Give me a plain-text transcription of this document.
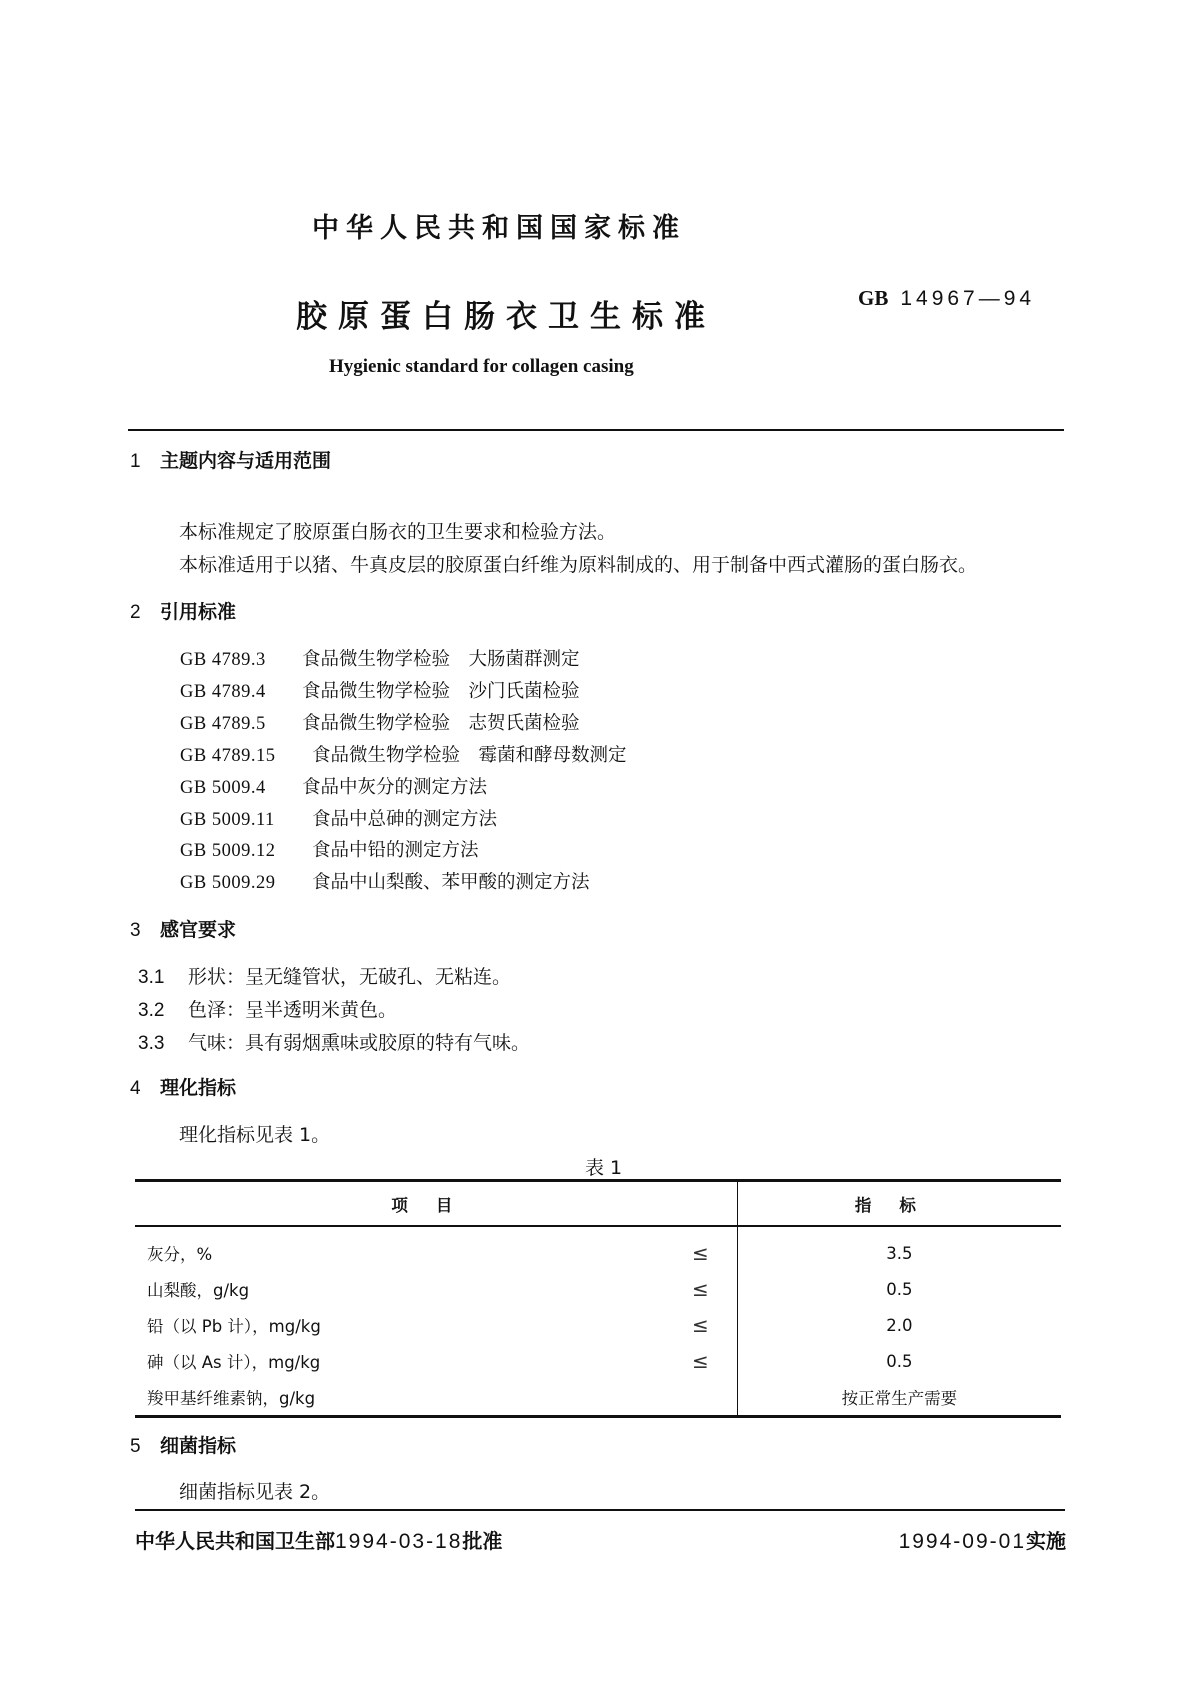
中华人民共和国国家标准
胶原蛋白肠衣卫生标准
GB 14967—94
Hygienic standard for collagen casing
1 主题内容与适用范围
本标准规定了胶原蛋白肠衣的卫生要求和检验方法。
本标准适用于以猪、牛真皮层的胶原蛋白纤维为原料制成的、用于制备中西式灌肠的蛋白肠衣。
2 引用标准
GB 4789.3 食品微生物学检验　大肠菌群测定
GB 4789.4 食品微生物学检验　沙门氏菌检验
GB 4789.5 食品微生物学检验　志贺氏菌检验
GB 4789.15 食品微生物学检验　霉菌和酵母数测定
GB 5009.4 食品中灰分的测定方法
GB 5009.11 食品中总砷的测定方法
GB 5009.12 食品中铅的测定方法
GB 5009.29 食品中山梨酸、苯甲酸的测定方法
3 感官要求
3.1 形状：呈无缝管状，无破孔、无粘连。
3.2 色泽：呈半透明米黄色。
3.3 气味：具有弱烟熏味或胶原的特有气味。
4 理化指标
理化指标见表 1。
表 1
项目		指标
灰分，%	≤	3.5
山梨酸，g/kg	≤	0.5
铅（以 Pb 计），mg/kg	≤	2.0
砷（以 As 计），mg/kg	≤	0.5
羧甲基纤维素钠，g/kg		按正常生产需要
5 细菌指标
细菌指标见表 2。
中华人民共和国卫生部1994-03-18批准	1994-09-01实施
